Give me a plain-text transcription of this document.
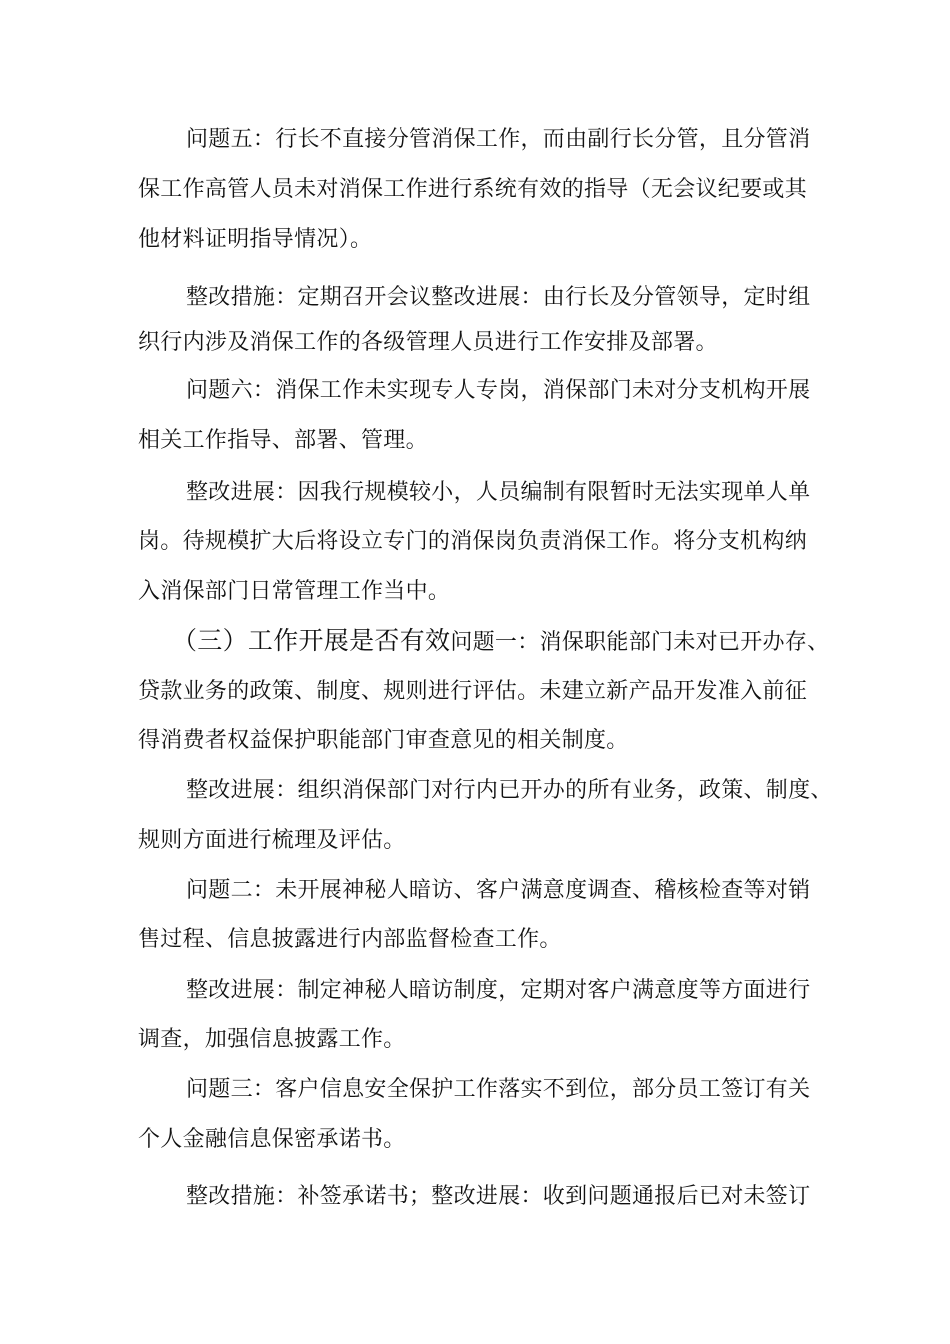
问题五：行长不直接分管消保工作，而由副行长分管，且分管消
保工作高管人员未对消保工作进行系统有效的指导（无会议纪要或其
他材料证明指导情况）。
整改措施：定期召开会议整改进展：由行长及分管领导，定时组
织行内涉及消保工作的各级管理人员进行工作安排及部署。
问题六：消保工作未实现专人专岗，消保部门未对分支机构开展
相关工作指导、部署、管理。
整改进展：因我行规模较小，人员编制有限暂时无法实现单人单
岗。待规模扩大后将设立专门的消保岗负责消保工作。将分支机构纳
入消保部门日常管理工作当中。
（三）工作开展是否有效问题一：消保职能部门未对已开办存、
贷款业务的政策、制度、规则进行评估。未建立新产品开发准入前征
得消费者权益保护职能部门审查意见的相关制度。
整改进展：组织消保部门对行内已开办的所有业务，政策、制度、
规则方面进行梳理及评估。
问题二：未开展神秘人暗访、客户满意度调查、稽核检查等对销
售过程、信息披露进行内部监督检查工作。
整改进展：制定神秘人暗访制度，定期对客户满意度等方面进行
调查，加强信息披露工作。
问题三：客户信息安全保护工作落实不到位，部分员工签订有关
个人金融信息保密承诺书。
整改措施：补签承诺书；整改进展：收到问题通报后已对未签订
